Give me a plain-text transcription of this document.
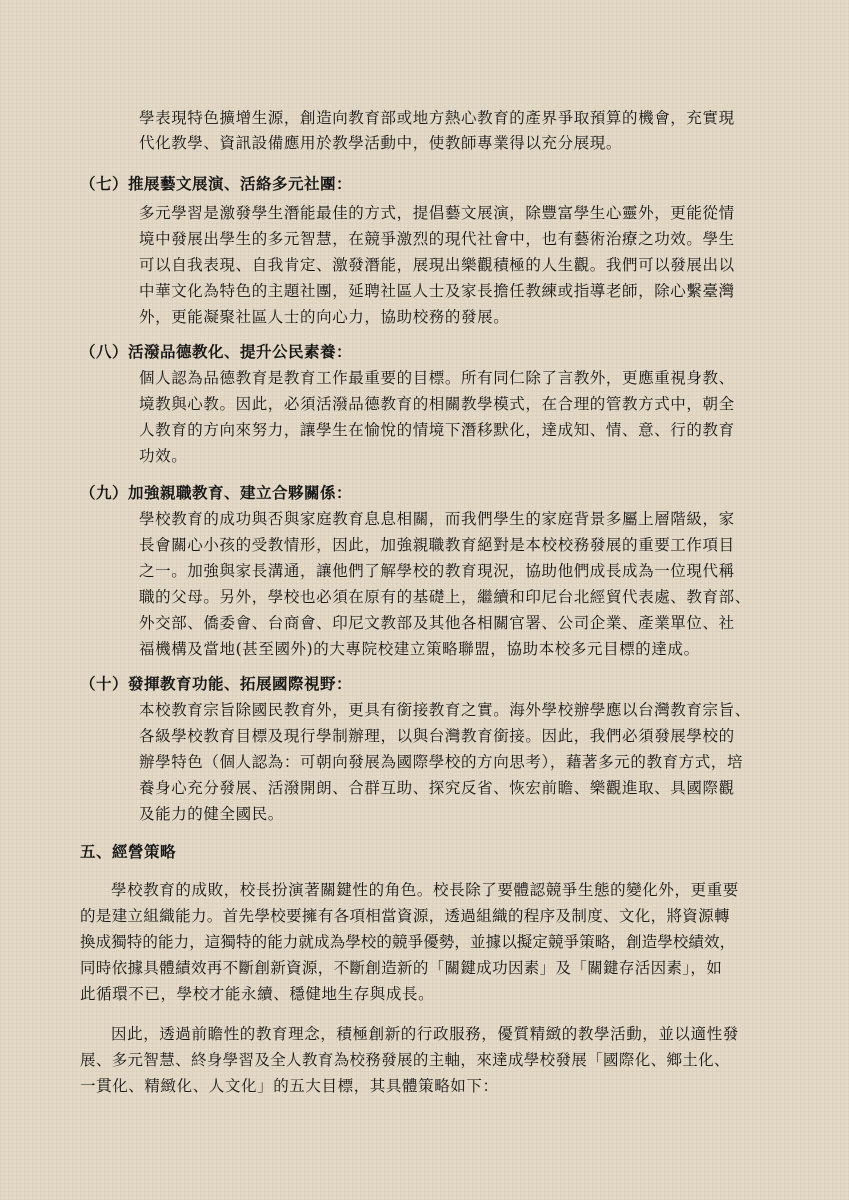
學表現特色擴增生源，創造向教育部或地方熱心教育的產界爭取預算的機會，充實現
代化教學、資訊設備應用於教學活動中，使教師專業得以充分展現。
（七）推展藝文展演、活絡多元社團：
多元學習是激發學生潛能最佳的方式，提倡藝文展演，除豐富學生心靈外，更能從情
境中發展出學生的多元智慧，在競爭激烈的現代社會中，也有藝術治療之功效。學生
可以自我表現、自我肯定、激發潛能，展現出樂觀積極的人生觀。我們可以發展出以
中華文化為特色的主題社團，延聘社區人士及家長擔任教練或指導老師，除心繫臺灣
外，更能凝聚社區人士的向心力，協助校務的發展。
（八）活潑品德教化、提升公民素養：
個人認為品德教育是教育工作最重要的目標。所有同仁除了言教外，更應重視身教、
境教與心教。因此，必須活潑品德教育的相關教學模式，在合理的管教方式中，朝全
人教育的方向來努力，讓學生在愉悅的情境下潛移默化，達成知、情、意、行的教育
功效。
（九）加強親職教育、建立合夥關係：
學校教育的成功與否與家庭教育息息相關，而我們學生的家庭背景多屬上層階級，家
長會關心小孩的受教情形，因此，加強親職教育絕對是本校校務發展的重要工作項目
之一。加強與家長溝通，讓他們了解學校的教育現況，協助他們成長成為一位現代稱
職的父母。另外，學校也必須在原有的基礎上，繼續和印尼台北經貿代表處、教育部、
外交部、僑委會、台商會、印尼文教部及其他各相關官署、公司企業、產業單位、社
福機構及當地(甚至國外)的大專院校建立策略聯盟，協助本校多元目標的達成。
（十）發揮教育功能、拓展國際視野：
本校教育宗旨除國民教育外，更具有銜接教育之實。海外學校辦學應以台灣教育宗旨、
各級學校教育目標及現行學制辦理，以與台灣教育銜接。因此，我們必須發展學校的
辦學特色（個人認為：可朝向發展為國際學校的方向思考），藉著多元的教育方式，培
養身心充分發展、活潑開朗、合群互助、探究反省、恢宏前瞻、樂觀進取、具國際觀
及能力的健全國民。
五、經營策略
學校教育的成敗，校長扮演著關鍵性的角色。校長除了要體認競爭生態的變化外，更重要
的是建立組織能力。首先學校要擁有各項相當資源，透過組織的程序及制度、文化，將資源轉
換成獨特的能力，這獨特的能力就成為學校的競爭優勢，並據以擬定競爭策略，創造學校績效，
同時依據具體績效再不斷創新資源，不斷創造新的「關鍵成功因素」及「關鍵存活因素」，如
此循環不已，學校才能永續、穩健地生存與成長。
因此，透過前瞻性的教育理念，積極創新的行政服務，優質精緻的教學活動，並以適性發
展、多元智慧、終身學習及全人教育為校務發展的主軸，來達成學校發展「國際化、鄉土化、
一貫化、精緻化、人文化」的五大目標，其具體策略如下：
